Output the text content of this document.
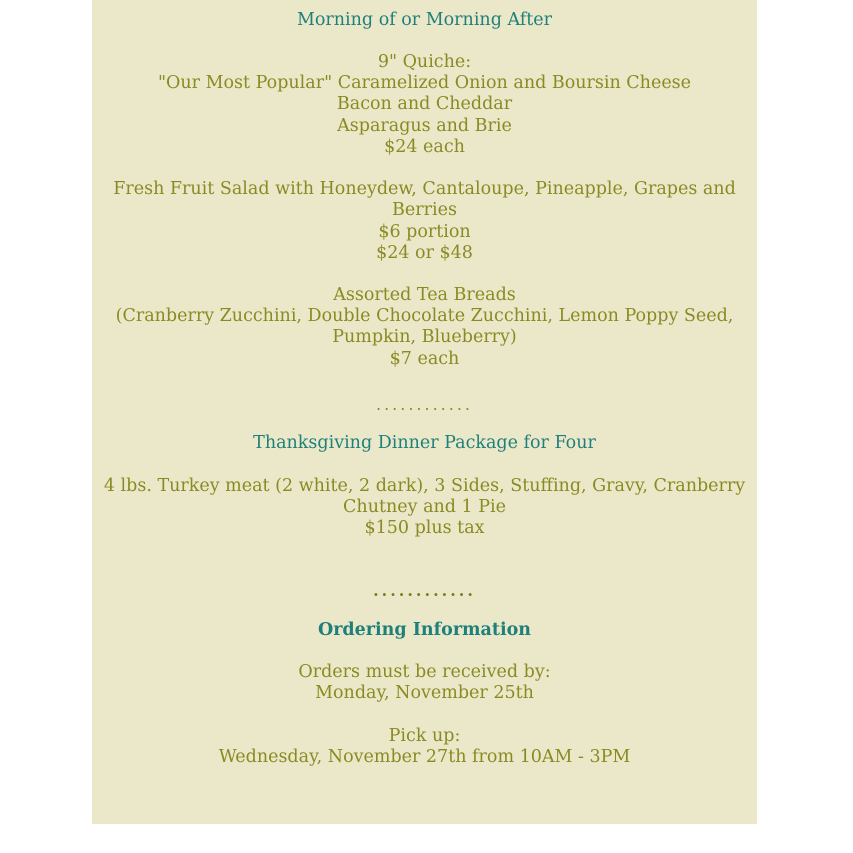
Morning of or Morning After
9" Quiche:
"Our Most Popular" Caramelized Onion and Boursin Cheese
Bacon and Cheddar
Asparagus and Brie
$24 each
Fresh Fruit Salad with Honeydew, Cantaloupe, Pineapple, Grapes and
Berries
$6 portion
$24 or $48
Assorted Tea Breads
(Cranberry Zucchini, Double Chocolate Zucchini, Lemon Poppy Seed,
Pumpkin, Blueberry)
$7 each
............
Thanksgiving Dinner Package for Four
4 lbs. Turkey meat (2 white, 2 dark), 3 Sides, Stuffing, Gravy, Cranberry
Chutney and 1 Pie
$150 plus tax
............
Ordering Information
Orders must be received by:
Monday, November 25th
Pick up:
Wednesday, November 27th from 10AM - 3PM
